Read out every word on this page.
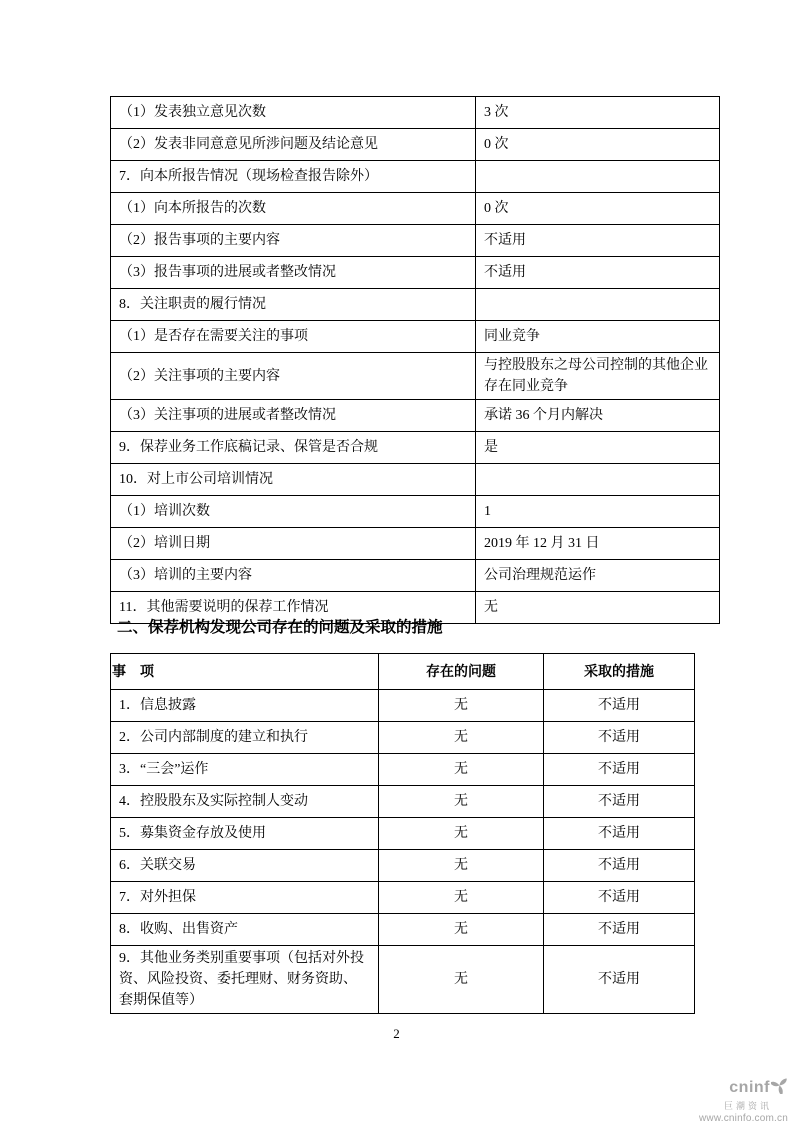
（1）发表独立意见次数	3 次
（2）发表非同意意见所涉问题及结论意见	0 次
7．向本所报告情况（现场检查报告除外）	
（1）向本所报告的次数	0 次
（2）报告事项的主要内容	不适用
（3）报告事项的进展或者整改情况	不适用
8．关注职责的履行情况	
（1）是否存在需要关注的事项	同业竞争
（2）关注事项的主要内容	与控股股东之母公司控制的其他企业存在同业竞争
（3）关注事项的进展或者整改情况	承诺 36 个月内解决
9．保荐业务工作底稿记录、保管是否合规	是
10．对上市公司培训情况	
（1）培训次数	1
（2）培训日期	2019 年 12 月 31 日
（3）培训的主要内容	公司治理规范运作
11．其他需要说明的保荐工作情况	无
二、保荐机构发现公司存在的问题及采取的措施
事　项	存在的问题	采取的措施
1．信息披露	无	不适用
2．公司内部制度的建立和执行	无	不适用
3．“三会”运作	无	不适用
4．控股股东及实际控制人变动	无	不适用
5．募集资金存放及使用	无	不适用
6．关联交易	无	不适用
7．对外担保	无	不适用
8．收购、出售资产	无	不适用
9．其他业务类别重要事项（包括对外投资、风险投资、委托理财、财务资助、套期保值等）	无	不适用
2
cninf
巨潮资讯
www.cninfo.com.cn
